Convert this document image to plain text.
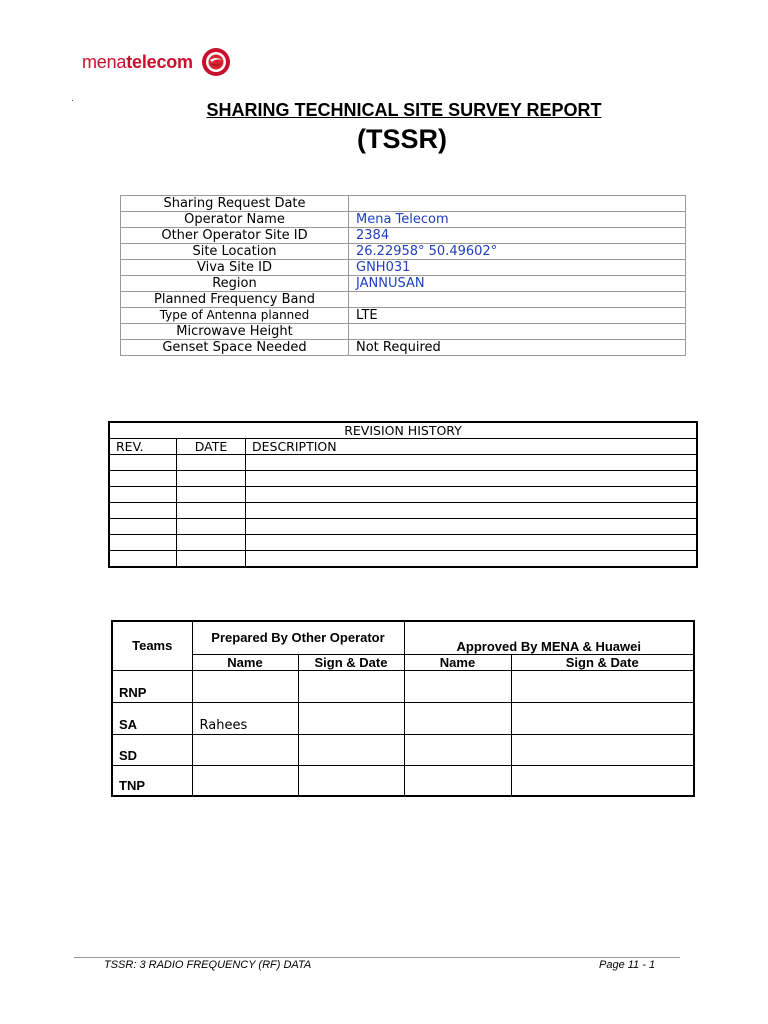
menatelecom
SHARING TECHNICAL SITE SURVEY REPORT
(TSSR)
Sharing Request Date	
Operator Name	Mena Telecom
Other Operator Site ID	2384
Site Location	26.22958° 50.49602°
Viva Site ID	GNH031
Region	JANNUSAN
Planned Frequency Band	
Type of Antenna planned	LTE
Microwave Height	
Genset Space Needed	Not Required
REVISION HISTORY		
REV.	DATE	DESCRIPTION

Teams	Prepared By Other Operator		Approved By MENA & Huawei	
	Name	Sign & Date	Name	Sign & Date
RNP				
SA	Rahees			
SD				
TNP				
TSSR: 3 RADIO FREQUENCY (RF) DATA	Page 11 - 1
